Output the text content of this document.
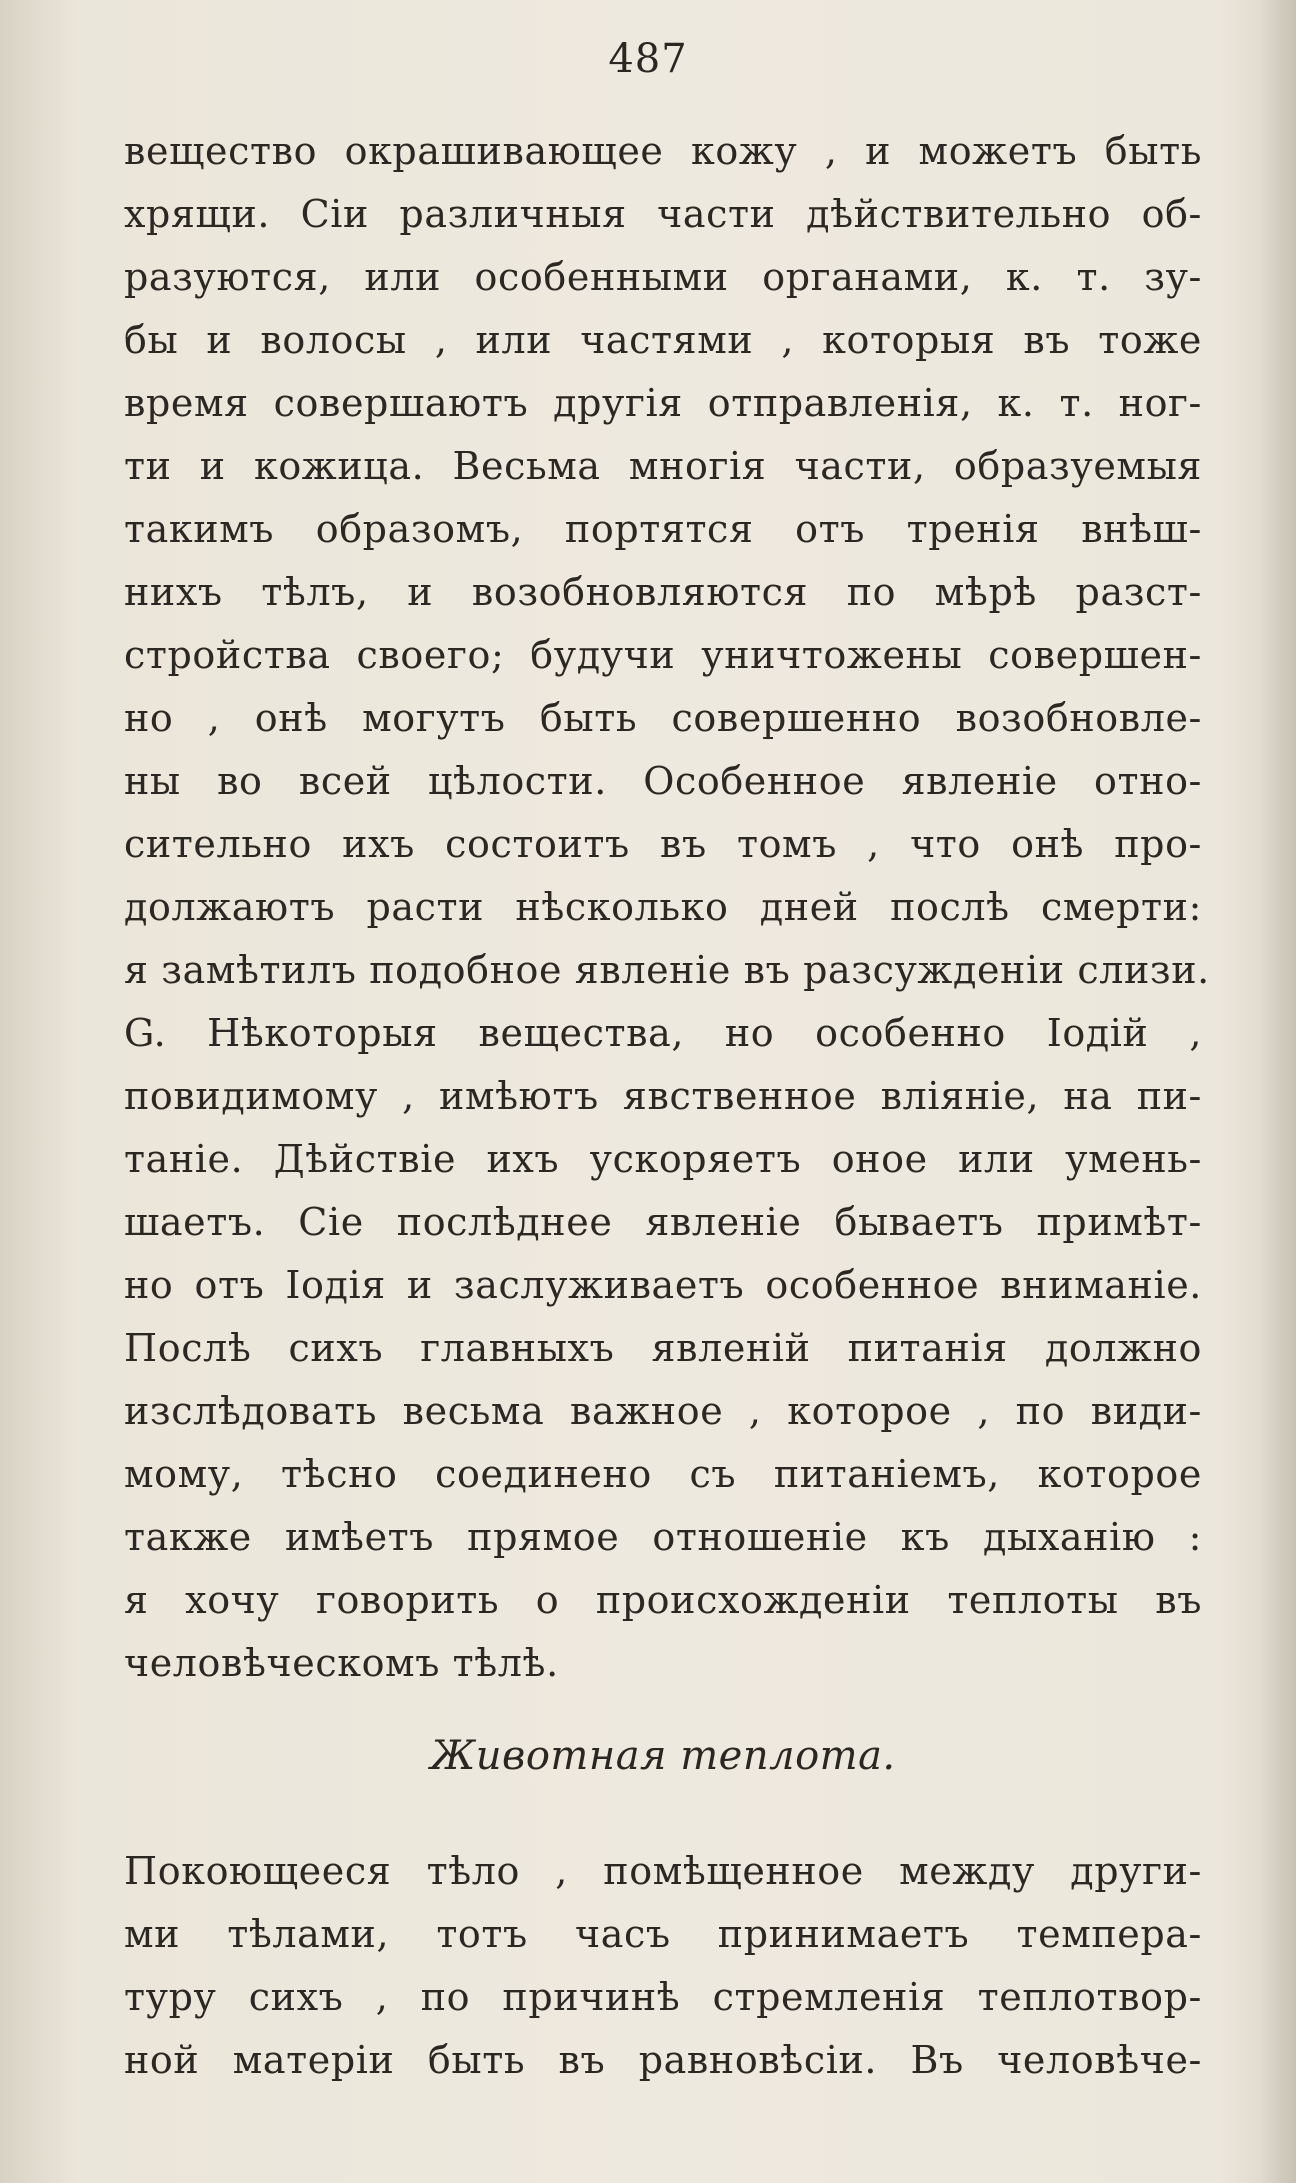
487

вещество окрашивающее кожу , и можетъ быть
хрящи. Сіи различныя части дѣйствительно об-
разуются, или особенными органами, к. т. зу-
бы и волосы , или частями , которыя въ тоже
время совершаютъ другія отправленія, к. т. ног-
ти и кожица. Весьма многія части, образуемыя
такимъ образомъ, портятся отъ тренія внѣш-
нихъ тѣлъ, и возобновляются по мѣрѣ разст-
стройства своего; будучи уничтожены совершен-
но , онѣ могутъ быть совершенно возобновле-
ны во всей цѣлости. Особенное явленіе отно-
сительно ихъ состоитъ въ томъ , что онѣ про-
должаютъ расти нѣсколько дней послѣ смерти:
я замѣтилъ подобное явленіе въ разсужденіи слизи.
G. Нѣкоторыя вещества, но особенно Іодій ,
повидимому , имѣютъ явственное вліяніе, на пи-
таніе. Дѣйствіе ихъ ускоряетъ оное или умень-
шаетъ. Сіе послѣднее явленіе бываетъ примѣт-
но отъ Іодія и заслуживаетъ особенное вниманіе.
Послѣ сихъ главныхъ явленій питанія должно
изслѣдовать весьма важное , которое , по види-
мому, тѣсно соединено съ питаніемъ, которое
также имѣетъ прямое отношеніе къ дыханію :
я хочу говорить о происхожденіи теплоты въ
человѣческомъ тѣлѣ.
Животная теплота.
Покоющееся тѣло , помѣщенное между други-
ми тѣлами, тотъ часъ принимаетъ темпера-
туру сихъ , по причинѣ стремленія теплотвор-
ной матеріи быть въ равновѣсіи. Въ человѣче-
